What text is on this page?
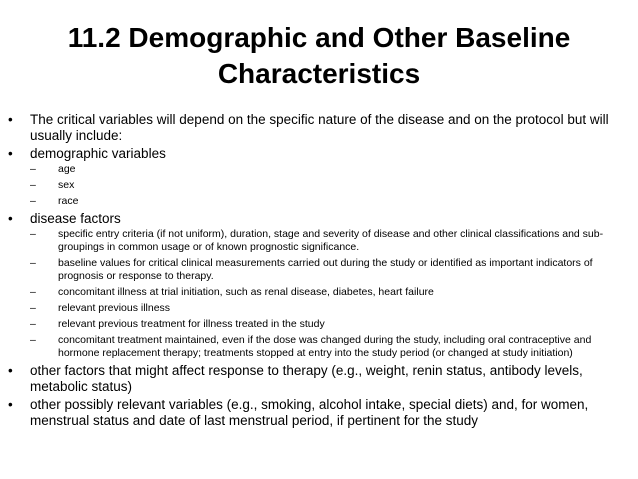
11.2 Demographic and Other Baseline
Characteristics
•	The critical variables will depend on the specific nature of the disease and on the protocol but will usually include:
•	demographic variables
–	age
–	sex
–	race
•	disease factors
–	specific entry criteria (if not uniform), duration, stage and severity of disease and other clinical classifications and sub-groupings in common usage or of known prognostic significance.
–	baseline values for critical clinical measurements carried out during the study or identified as important indicators of prognosis or response to therapy.
–	concomitant illness at trial initiation, such as renal disease, diabetes, heart failure
–	relevant previous illness
–	relevant previous treatment for illness treated in the study
–	concomitant treatment maintained, even if the dose was changed during the study, including oral contraceptive and hormone replacement therapy; treatments stopped at entry into the study period (or changed at study initiation)
•	other factors that might affect response to therapy (e.g., weight, renin status, antibody levels, metabolic status)
•	other possibly relevant variables (e.g., smoking, alcohol intake, special diets) and, for women, menstrual status and date of last menstrual period, if pertinent for the study
